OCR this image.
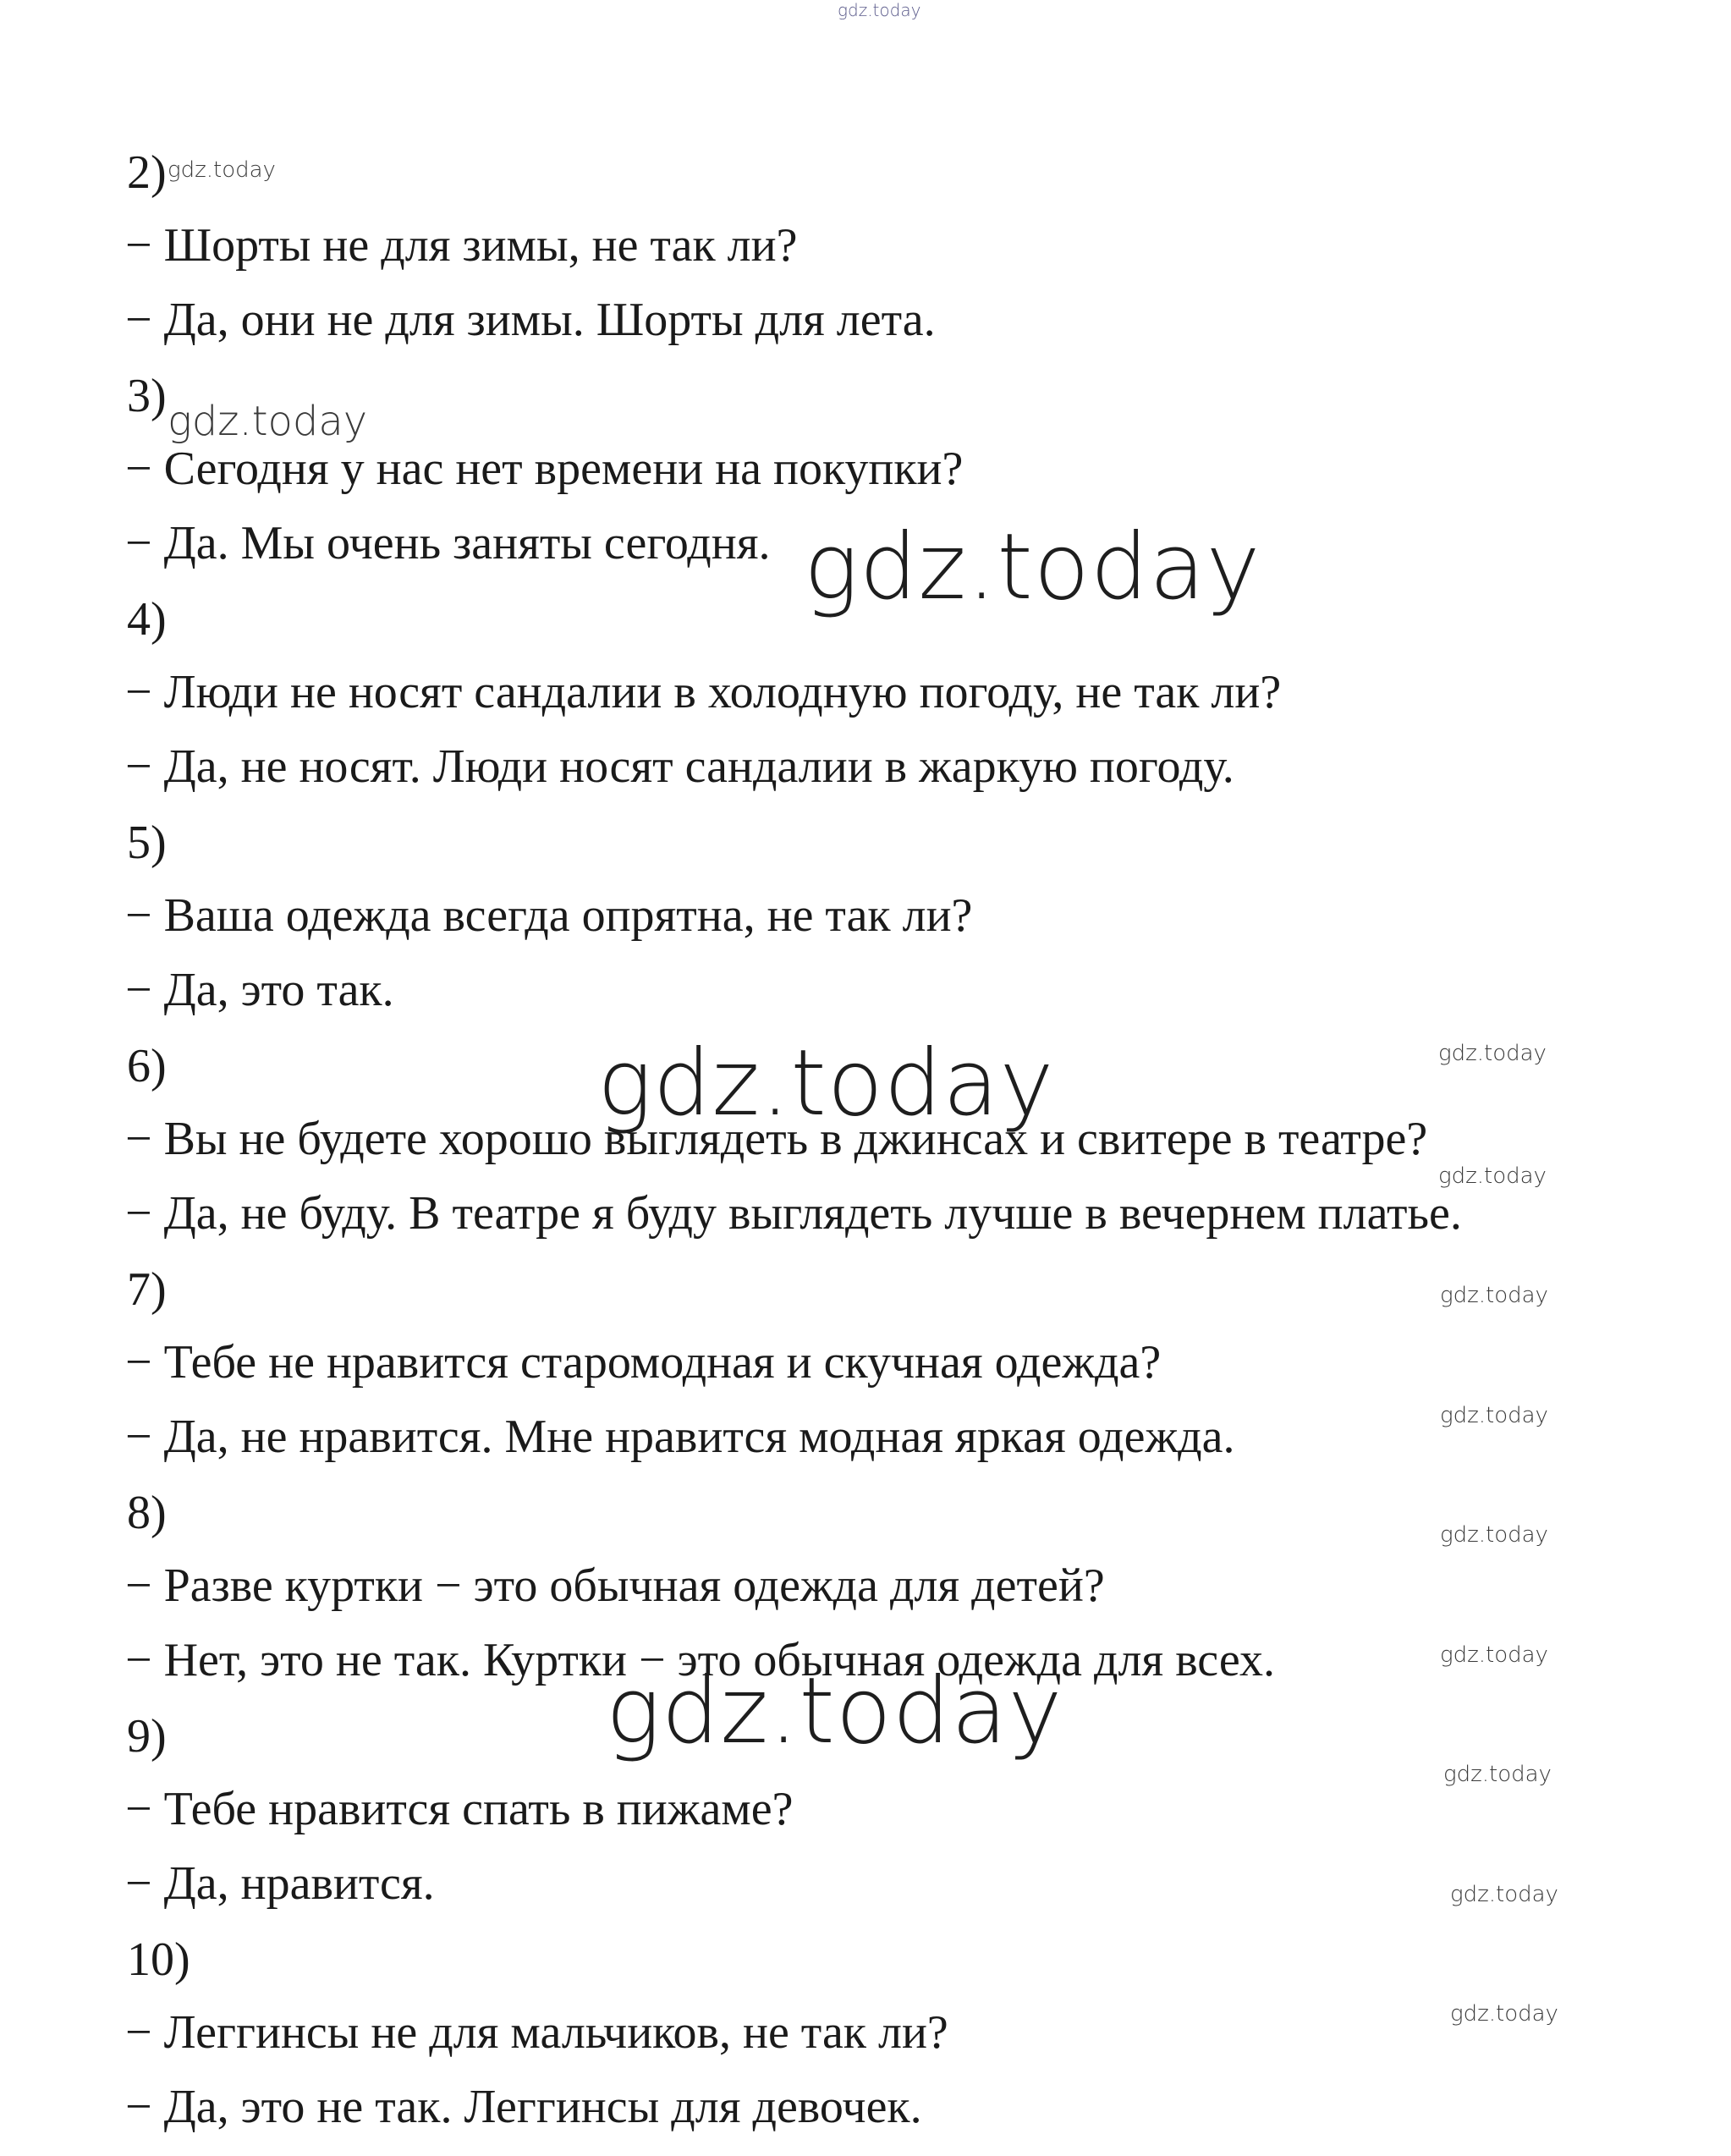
gdz.today
gdz.today
gdz.today
gdz.today
gdz.today
gdz.today
gdz.today
gdz.today
gdz.today
gdz.today
gdz.today
gdz.today
gdz.today
gdz.today
gdz.today
2)
− Шорты не для зимы, не так ли?
− Да, они не для зимы. Шорты для лета.
3)
− Сегодня у нас нет времени на покупки?
− Да. Мы очень заняты сегодня.
4)
− Люди не носят сандалии в холодную погоду, не так ли?
− Да, не носят. Люди носят сандалии в жаркую погоду.
5)
− Ваша одежда всегда опрятна, не так ли?
− Да, это так.
6)
− Вы не будете хорошо выглядеть в джинсах и свитере в театре?
− Да, не буду. В театре я буду выглядеть лучше в вечернем платье.
7)
− Тебе не нравится старомодная и скучная одежда?
− Да, не нравится. Мне нравится модная яркая одежда.
8)
− Разве куртки − это обычная одежда для детей?
− Нет, это не так. Куртки − это обычная одежда для всех.
9)
− Тебе нравится спать в пижаме?
− Да, нравится.
10)
− Леггинсы не для мальчиков, не так ли?
− Да, это не так. Леггинсы для девочек.
